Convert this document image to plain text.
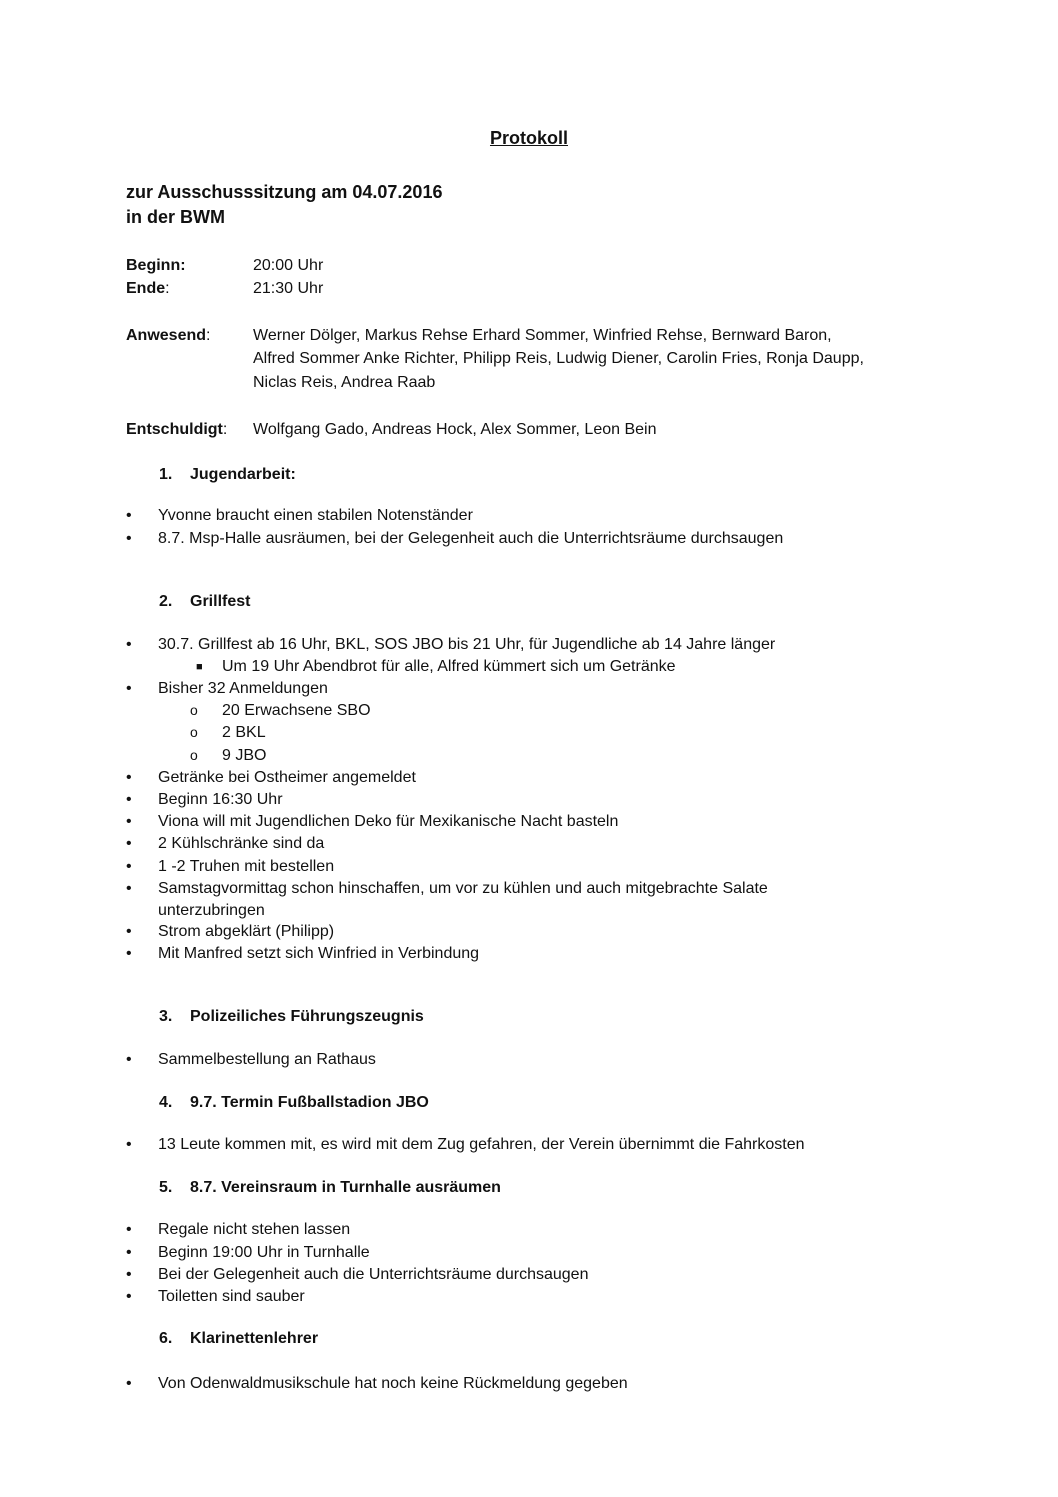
Protokoll
zur Ausschusssitzung am 04.07.2016
in der BWM
Beginn:	20:00 Uhr
Ende:	21:30 Uhr
Anwesend:	Werner Dölger, Markus Rehse Erhard Sommer, Winfried Rehse, Bernward Baron,
Alfred Sommer Anke Richter, Philipp Reis, Ludwig Diener, Carolin Fries, Ronja Daupp,
Niclas Reis, Andrea Raab
Entschuldigt: Wolfgang Gado, Andreas Hock, Alex Sommer, Leon Bein
1. Jugendarbeit:
• Yvonne braucht einen stabilen Notenständer
• 8.7. Msp-Halle ausräumen, bei der Gelegenheit auch die Unterrichtsräume durchsaugen
2. Grillfest
• 30.7. Grillfest ab 16 Uhr, BKL, SOS JBO bis 21 Uhr, für Jugendliche ab 14 Jahre länger
■ Um 19 Uhr Abendbrot für alle, Alfred kümmert sich um Getränke
• Bisher 32 Anmeldungen
o 20 Erwachsene SBO
o 2 BKL
o 9 JBO
• Getränke bei Ostheimer angemeldet
• Beginn 16:30 Uhr
• Viona will mit Jugendlichen Deko für Mexikanische Nacht basteln
• 2 Kühlschränke sind da
• 1 -2 Truhen mit bestellen
• Samstagvormittag schon hinschaffen, um vor zu kühlen und auch mitgebrachte Salate
unterzubringen
• Strom abgeklärt (Philipp)
• Mit Manfred setzt sich Winfried in Verbindung
3. Polizeiliches Führungszeugnis
• Sammelbestellung an Rathaus
4. 9.7. Termin Fußballstadion JBO
• 13 Leute kommen mit, es wird mit dem Zug gefahren, der Verein übernimmt die Fahrkosten
5. 8.7. Vereinsraum in Turnhalle ausräumen
• Regale nicht stehen lassen
• Beginn 19:00 Uhr in Turnhalle
• Bei der Gelegenheit auch die Unterrichtsräume durchsaugen
• Toiletten sind sauber
6. Klarinettenlehrer
• Von Odenwaldmusikschule hat noch keine Rückmeldung gegeben
